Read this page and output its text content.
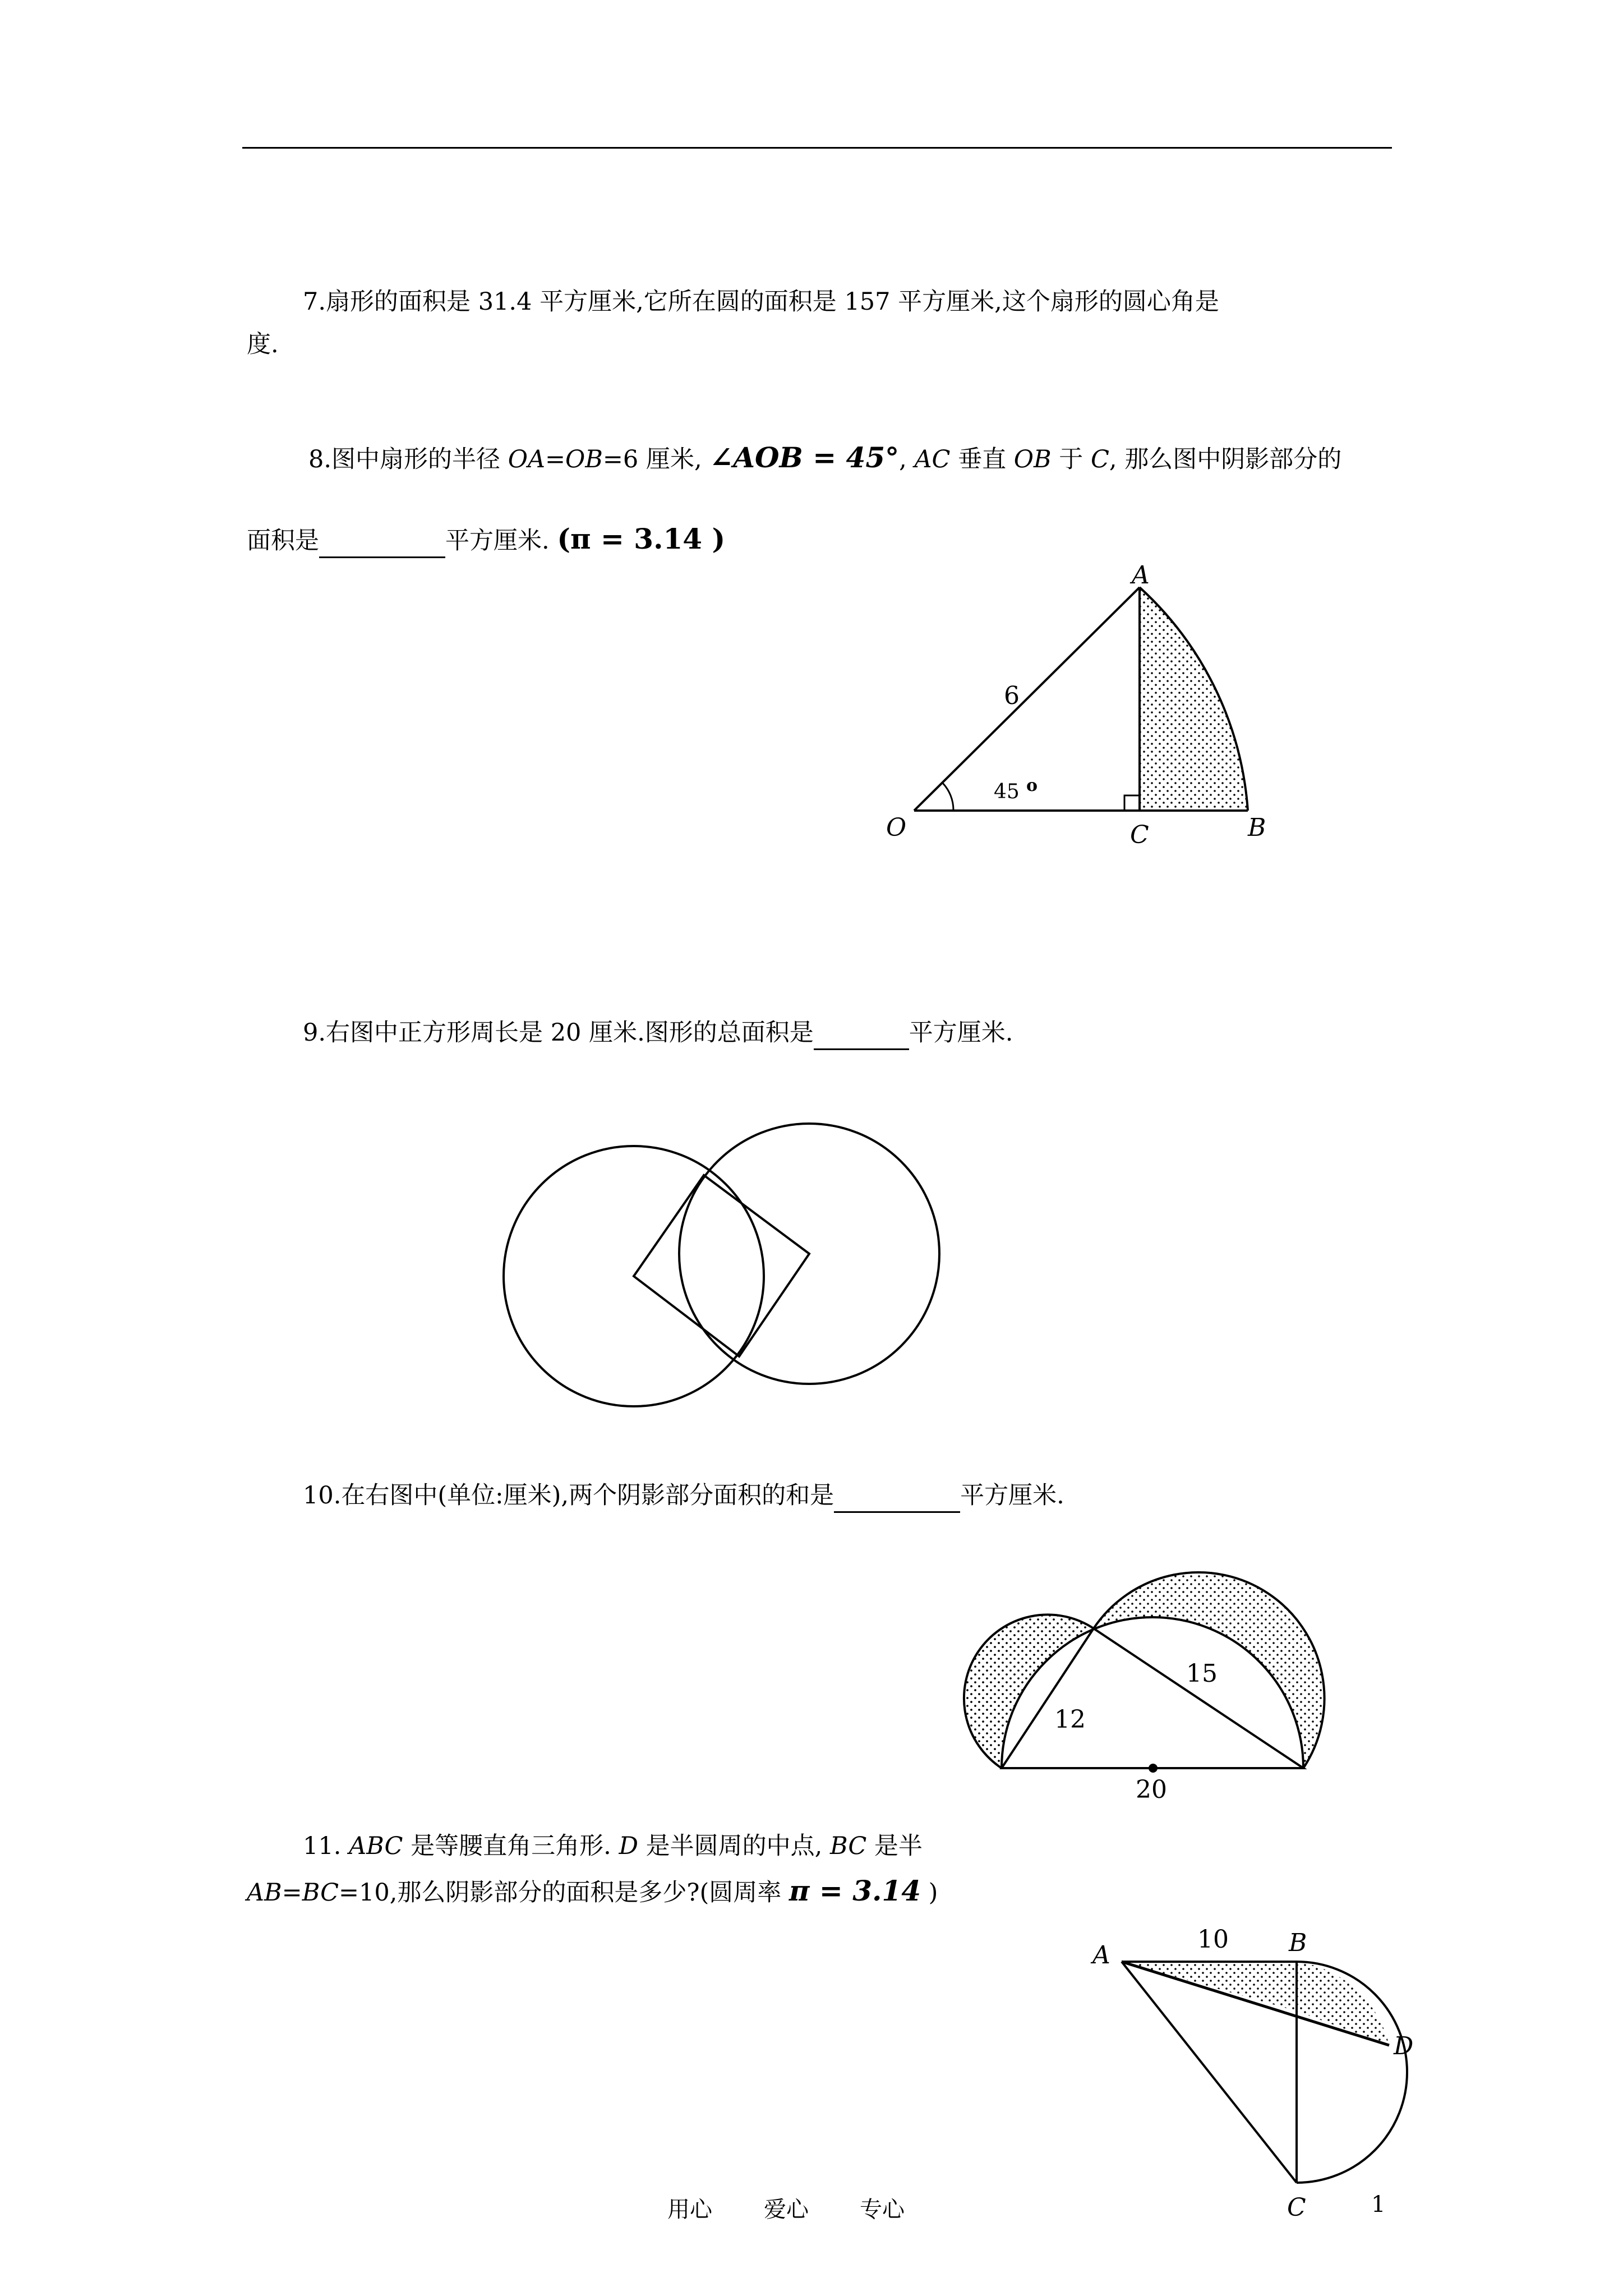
7.扇形的面积是 31.4 平方厘米,它所在圆的面积是 157 平方厘米,这个扇形的圆心角是
度.
8.图中扇形的半径 OA=OB=6 厘米, ∠AOB = 45°, AC 垂直 OB 于 C, 那么图中阴影部分的
面积是	平方厘米. (π = 3.14 )
A
O	C	B
6
45 o
9.右图中正方形周长是 20 厘米.图形的总面积是	平方厘米.
10.在右图中(单位:厘米),两个阴影部分面积的和是	平方厘米.
12
15
20
11. ABC 是等腰直角三角形. D 是半圆周的中点, BC 是半
AB=BC=10,那么阴影部分的面积是多少?(圆周率 π = 3.14 )
A	B
C
D
10
用心 爱心 专心	1
